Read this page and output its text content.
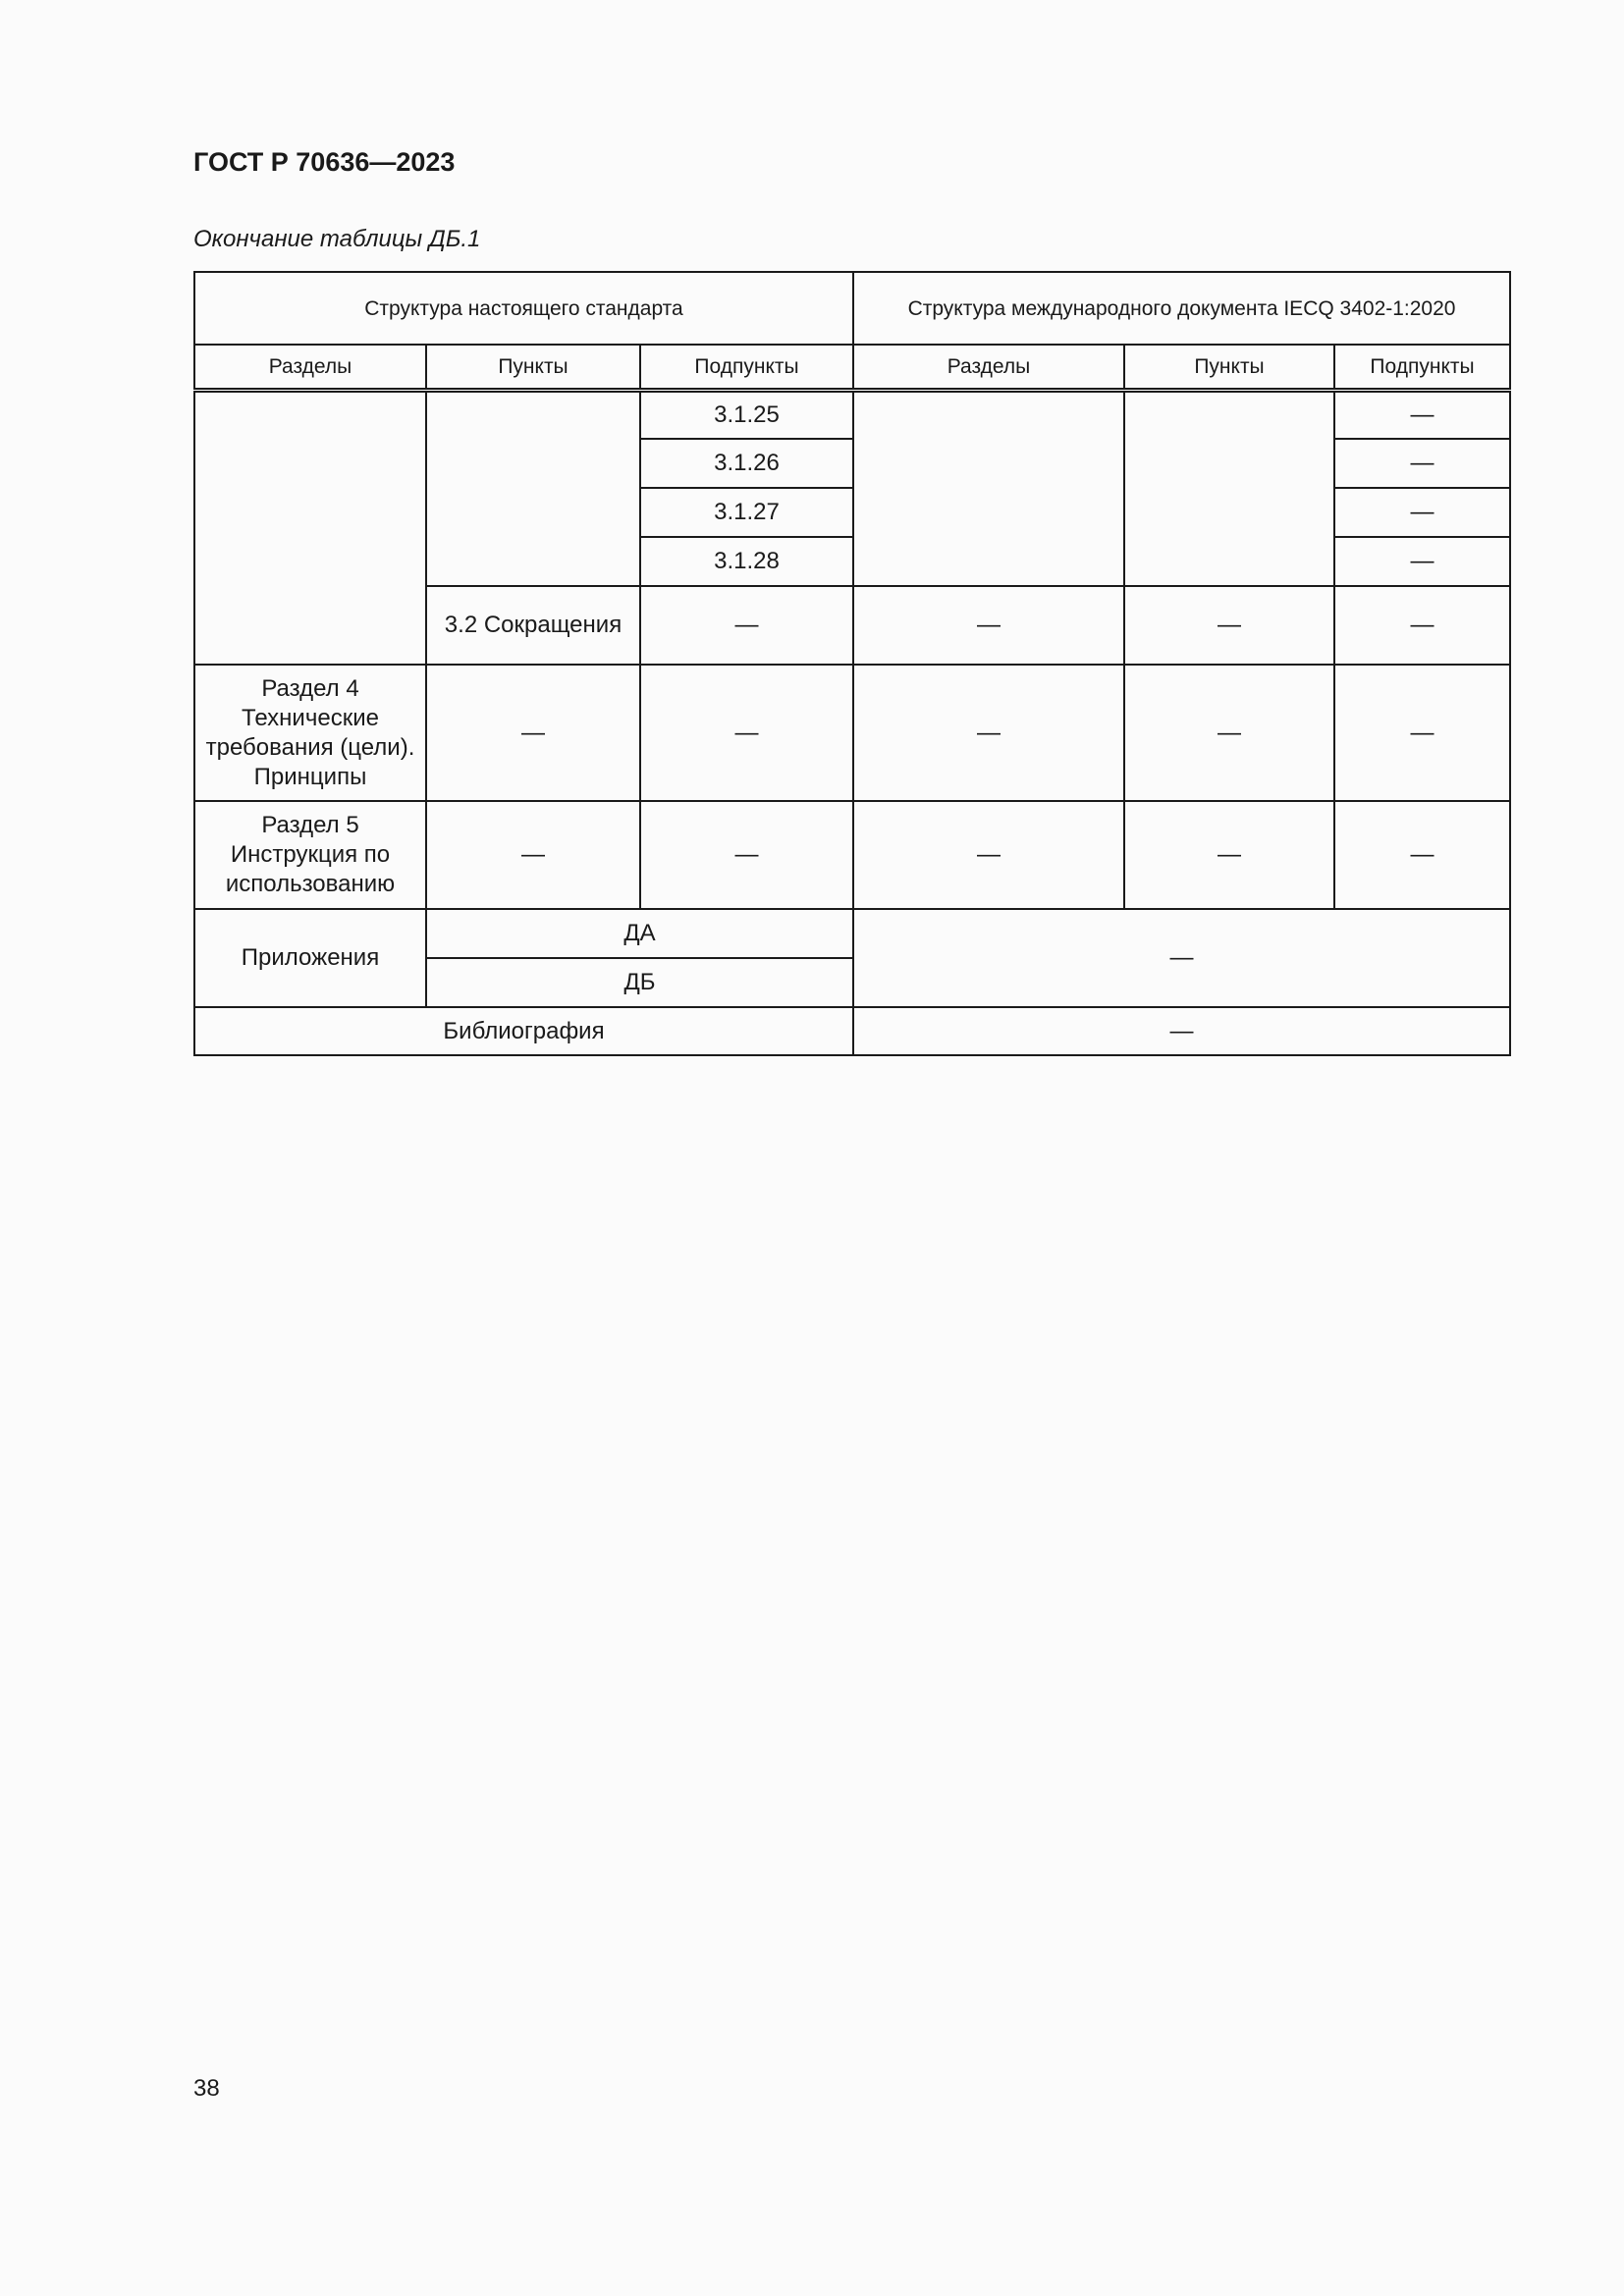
ГОСТ Р 70636—2023
Окончание таблицы ДБ.1
Структура настоящего стандарта			Структура международного документа IECQ 3402-1:2020		
Разделы	Пункты	Подпункты	Разделы	Пункты	Подпункты
		3.1.25			—
		3.1.26			—
		3.1.27			—
		3.1.28			—
	3.2 Сокращения	—	—	—	—
Раздел 4 Технические требования (цели). Принципы	—	—	—	—	—
Раздел 5 Инструкция по использованию	—	—	—	—	—
Приложения	ДА		—		
	ДБ				
Библиография			—		
38
